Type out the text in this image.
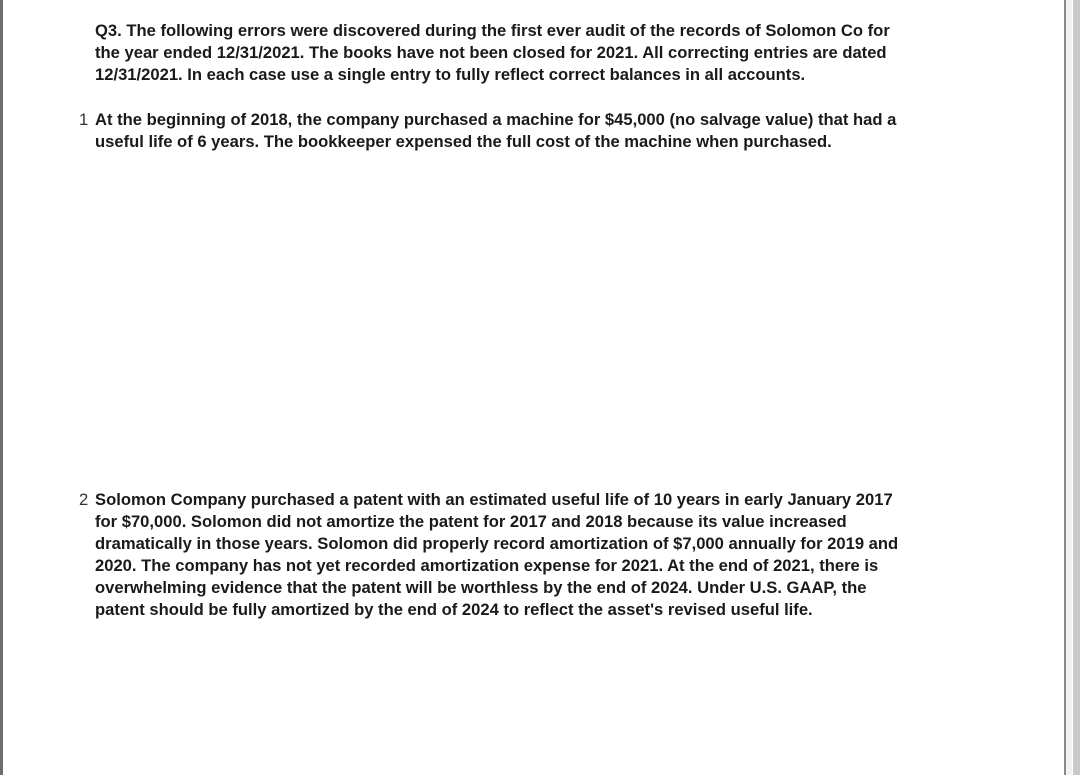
Q3. The following errors were discovered during the first ever audit of the records of Solomon Co for
the year ended 12/31/2021. The books have not been closed for 2021. All correcting entries are dated
12/31/2021. In each case use a single entry to fully reflect correct balances in all accounts.
1 At the beginning of 2018, the company purchased a machine for $45,000 (no salvage value) that had a
useful life of 6 years. The bookkeeper expensed the full cost of the machine when purchased.
2 Solomon Company purchased a patent with an estimated useful life of 10 years in early January 2017
for $70,000. Solomon did not amortize the patent for 2017 and 2018 because its value increased
dramatically in those years. Solomon did properly record amortization of $7,000 annually for 2019 and
2020. The company has not yet recorded amortization expense for 2021. At the end of 2021, there is
overwhelming evidence that the patent will be worthless by the end of 2024. Under U.S. GAAP, the
patent should be fully amortized by the end of 2024 to reflect the asset's revised useful life.
